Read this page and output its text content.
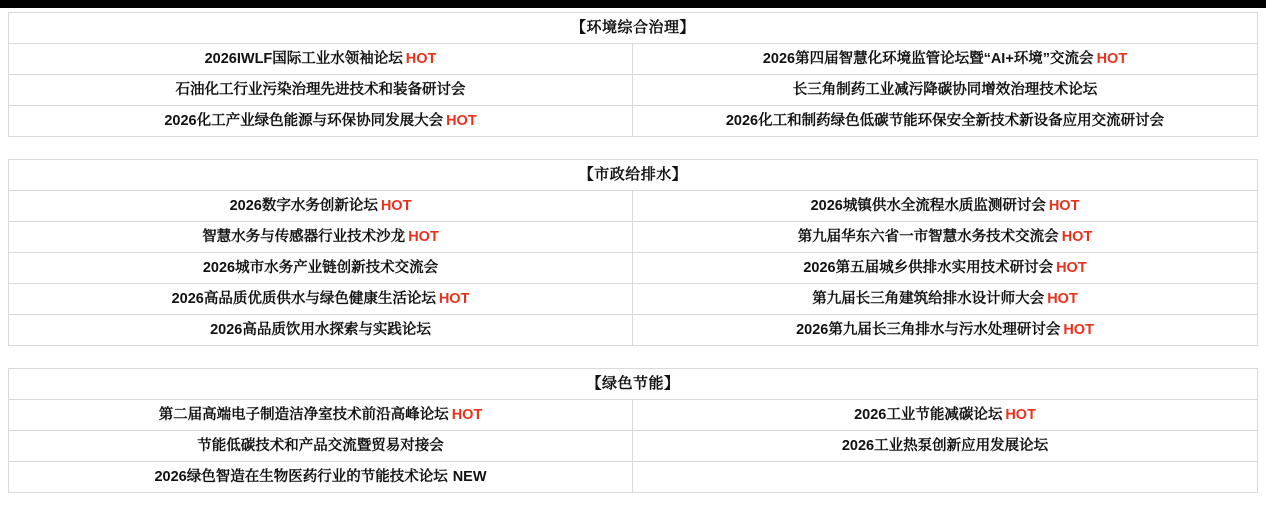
【环境综合治理】
2026IWLF国际工业水领袖论坛 HOT	2026第四届智慧化环境监管论坛暨“AI+环境”交流会 HOT
石油化工行业污染治理先进技术和装备研讨会	长三角制药工业减污降碳协同增效治理技术论坛
2026化工产业绿色能源与环保协同发展大会 HOT	2026化工和制药绿色低碳节能环保安全新技术新设备应用交流研讨会
【市政给排水】
2026数字水务创新论坛 HOT	2026城镇供水全流程水质监测研讨会 HOT
智慧水务与传感器行业技术沙龙 HOT	第九届华东六省一市智慧水务技术交流会 HOT
2026城市水务产业链创新技术交流会	2026第五届城乡供排水实用技术研讨会 HOT
2026高品质优质供水与绿色健康生活论坛 HOT	第九届长三角建筑给排水设计师大会 HOT
2026高品质饮用水探索与实践论坛	2026第九届长三角排水与污水处理研讨会 HOT
【绿色节能】
第二届高端电子制造洁净室技术前沿高峰论坛 HOT	2026工业节能减碳论坛 HOT
节能低碳技术和产品交流暨贸易对接会	2026工业热泵创新应用发展论坛
2026绿色智造在生物医药行业的节能技术论坛 NEW
